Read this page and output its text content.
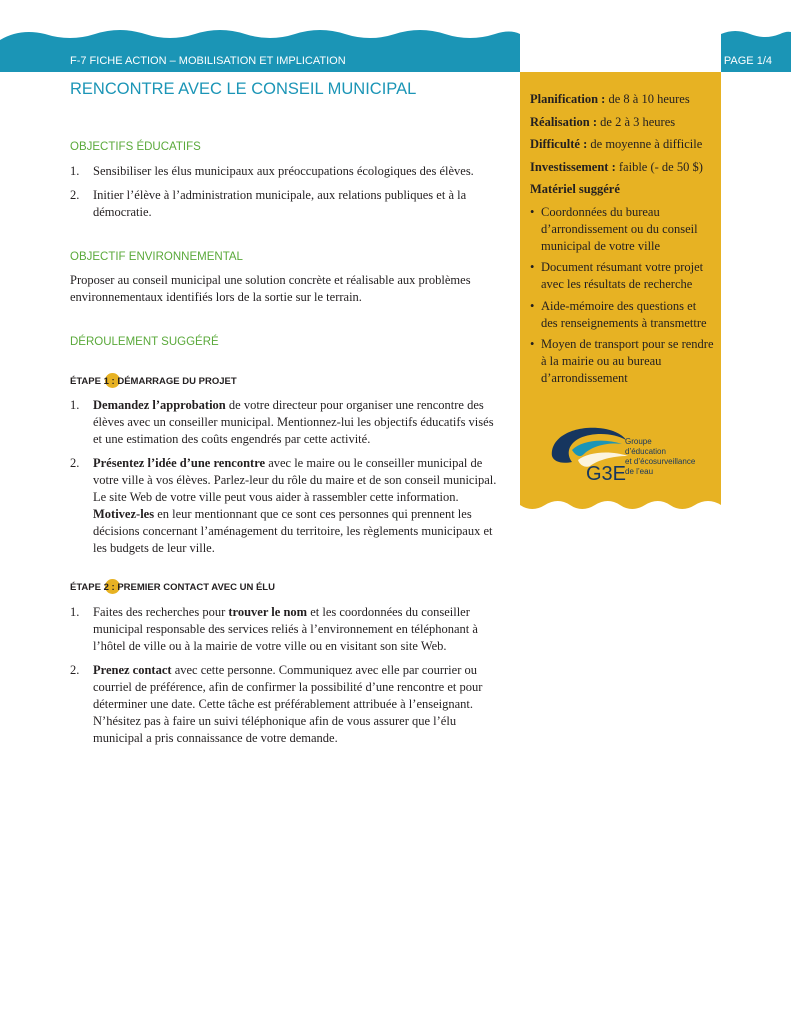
F-7 FICHE ACTION – MOBILISATION ET IMPLICATION	PAGE 1/4

Planification : de 8 à 10 heures

Réalisation : de 2 à 3 heures

Difficulté : de moyenne à difficile

Investissement : faible (- de 50 $)

Matériel suggéré

• Coordonnées du bureau d’arrondissement ou du conseil municipal de votre ville
• Document résumant votre projet avec les résultats de recherche
• Aide-mémoire des questions et des renseignements à transmettre
• Moyen de transport pour se rendre à la mairie ou au bureau d’arrondissement
G3E
Groupe
d’éducation
et d’écosurveillance
de l’eau
RENCONTRE AVEC LE CONSEIL MUNICIPAL
OBJECTIFS ÉDUCATIFS
1. Sensibiliser les élus municipaux aux préoccupations écologiques des élèves.
2. Initier l’élève à l’administration municipale, aux relations publiques et à la démocratie.
OBJECTIF ENVIRONNEMENTAL

Proposer au conseil municipal une solution concrète et réalisable aux problèmes environnementaux identifiés lors de la sortie sur le terrain.

DÉROULEMENT SUGGÉRÉ
ÉTAPE 1 : DÉMARRAGE DU PROJET
1. Demandez l’approbation de votre directeur pour organiser une rencontre des élèves avec un conseiller municipal. Mentionnez-lui les objectifs éducatifs visés et une estimation des coûts engendrés par cette activité.
2. Présentez l’idée d’une rencontre avec le maire ou le conseiller municipal de votre ville à vos élèves. Parlez-leur du rôle du maire et de son conseil municipal. Le site Web de votre ville peut vous aider à rassembler cette information. Motivez-les en leur mentionnant que ce sont ces personnes qui prennent les décisions concernant l’aménagement du territoire, les règlements municipaux et les budgets de leur ville.
ÉTAPE 2 : PREMIER CONTACT AVEC UN ÉLU
1. Faites des recherches pour trouver le nom et les coordonnées du conseiller municipal responsable des services reliés à l’environnement en téléphonant à l’hôtel de ville ou à la mairie de votre ville ou en visitant son site Web.
2. Prenez contact avec cette personne. Communiquez avec elle par courrier ou courriel de préférence, afin de confirmer la possibilité d’une rencontre et pour déterminer une date. Cette tâche est préférablement attribuée à l’enseignant. N’hésitez pas à faire un suivi téléphonique afin de vous assurer que l’élu municipal a pris connaissance de votre demande.
